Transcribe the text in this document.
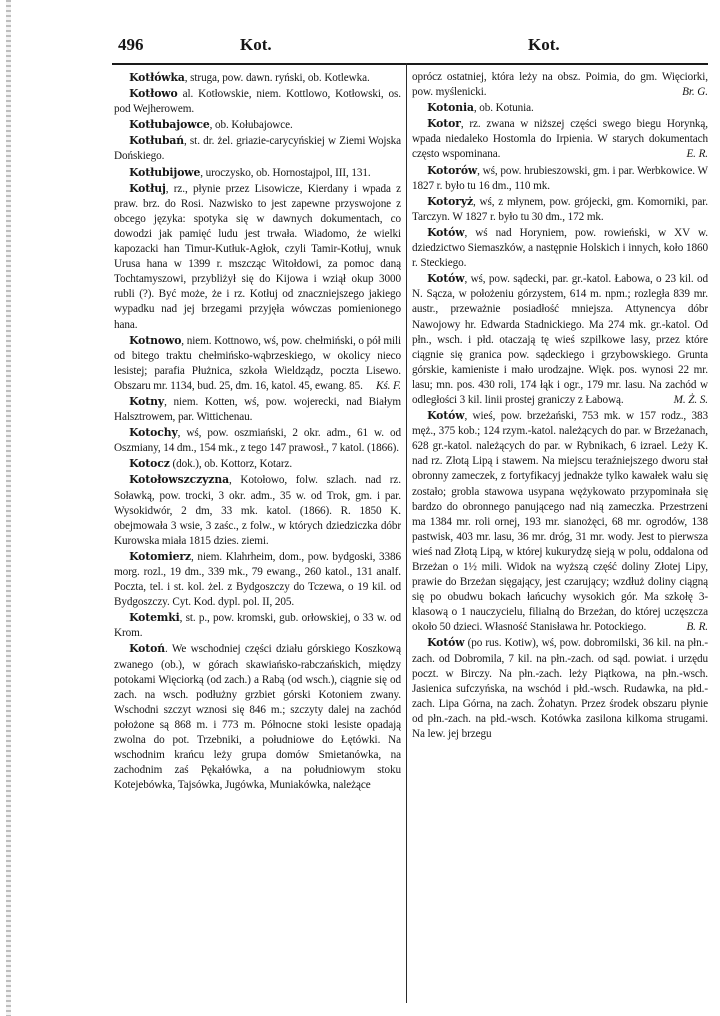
496	Kot.	Kot.

Kotłówka, struga, pow. dawn. ryński, ob. Kotlewka.

Kotłowo al. Kotłowskie, niem. Kottlowo, Kotłowski, os. pod Wejherowem.

Kotłubajowce, ob. Kołubajowce.

Kotłubań, st. dr. żel. griazie-carycyńskiej w Ziemi Wojska Dońskiego.

Kotłubijowe, uroczysko, ob. Hornostajpol, III, 131.

Kotłuj, rz., płynie przez Lisowicze, Kierdany i wpada z praw. brz. do Rosi. Nazwisko to jest zapewne przyswojone z obcego języka: spotyka się w dawnych dokumentach, co dowodzi jak pamięć ludu jest trwała. Wiadomo, że wielki kapozacki han Timur-Kutłuk-Agłok, czyli Tamir-Kotłuj, wnuk Urusa hana w 1399 r. mszcząc Witołdowi, za pomoc daną Tochtamyszowi, przybliżył się do Kijowa i wziął okup 3000 rubli (?). Być może, że i rz. Kotłuj od znaczniejszego jakiego wypadku nad jej brzegami przyjęła wówczas pomienionego hana.

Kotnowo, niem. Kottnowo, wś, pow. chełmiński, o pół mili od bitego traktu chełmińsko-wąbrzeskiego, w okolicy nieco lesistej; parafia Płużnica, szkoła Wieldządz, poczta Lisewo. Obszaru mr. 1134, bud. 25, dm. 16, katol. 45, ewang. 85.	Kś. F.

Kotny, niem. Kotten, wś, pow. wojerecki, nad Białym Halsztrowem, par. Wittichenau.

Kotochy, wś, pow. oszmiański, 2 okr. adm., 61 w. od Oszmiany, 14 dm., 154 mk., z tego 147 prawosł., 7 katol. (1866).

Kotocz (dok.), ob. Kottorz, Kotarz.

Kotołowszczyzna, Kotołowo, folw. szlach. nad rz. Soławką, pow. trocki, 3 okr. adm., 35 w. od Trok, gm. i par. Wysokidwór, 2 dm, 33 mk. katol. (1866). R. 1850 K. obejmowała 3 wsie, 3 zaśc., z folw., w których dziedziczka dóbr Kurowska miała 1815 dzies. ziemi.

Kotomierz, niem. Klahrheim, dom., pow. bydgoski, 3386 morg. rozl., 19 dm., 339 mk., 79 ewang., 260 katol., 131 analf. Poczta, tel. i st. kol. żel. z Bydgoszczy do Tczewa, o 19 kil. od Bydgoszczy. Cyt. Kod. dypl. pol. II, 205.

Kotemki, st. p., pow. kromski, gub. orłowskiej, o 33 w. od Krom.

Kotoń. We wschodniej części działu górskiego Koszkową zwanego (ob.), w górach skawiańsko-rabczańskich, między potokami Więciorką (od zach.) a Rabą (od wsch.), ciągnie się od zach. na wsch. podłużny grzbiet górski Kotoniem zwany. Wschodni szczyt wznosi się 846 m.; szczyty dalej na zachód położone są 868 m. i 773 m. Północne stoki lesiste opadają zwolna do pot. Trzebniki, a południowe do Łętówki. Na wschodnim krańcu leży grupa domów Smietanówka, na zachodnim zaś Pękałówka, a na południowym stoku Kotejebówka, Tajsówka, Jugówka, Muniakówka, należące

oprócz ostatniej, która leży na obsz. Poimia, do gm. Więciorki, pow. myślenicki.	Br. G.

Kotonia, ob. Kotunia.

Kotor, rz. zwana w niższej części swego biegu Horynką, wpada niedaleko Hostomla do Irpienia. W starych dokumentach często wspominana.	E. R.

Kotorów, wś, pow. hrubieszowski, gm. i par. Werbkowice. W 1827 r. było tu 16 dm., 110 mk.

Kotoryż, wś, z młynem, pow. grójecki, gm. Komorniki, par. Tarczyn. W 1827 r. było tu 30 dm., 172 mk.

Kotów, wś nad Horyniem, pow. rowieński, w XV w. dziedzictwo Siemaszków, a następnie Holskich i innych, koło 1860 r. Steckiego.

Kotów, wś, pow. sądecki, par. gr.-katol. Łabowa, o 23 kil. od N. Sącza, w położeniu górzystem, 614 m. npm.; rozległa 839 mr. austr., przeważnie posiadłość mniejsza. Attynencya dóbr Nawojowy hr. Edwarda Stadnickiego. Ma 274 mk. gr.-katol. Od płn., wsch. i płd. otaczają tę wieś szpilkowe lasy, przez które ciągnie się granica pow. sądeckiego i grzybowskiego. Grunta górskie, kamieniste i mało urodzajne. Więk. pos. wynosi 22 mr. lasu; mn. pos. 430 roli, 174 łąk i ogr., 179 mr. lasu. Na zachód w odległości 3 kil. linii prostej graniczy z Łabową.	M. Ż. S.

Kotów, wieś, pow. brzeżański, 753 mk. w 157 rodz., 383 męż., 375 kob.; 124 rzym.-katol. należących do par. w Brzeżanach, 628 gr.-katol. należących do par. w Rybnikach, 6 izrael. Leży K. nad rz. Złotą Lipą i stawem. Na miejscu teraźniejszego dworu stał obronny zameczek, z fortyfikacyj jednakże tylko kawałek wału się zostało; grobla stawowa usypana wężykowato przypominała się bardzo do obronnego panującego nad nią zameczka. Przestrzeni ma 1384 mr. roli ornej, 193 mr. sianożęci, 68 mr. ogrodów, 138 pastwisk, 403 mr. lasu, 36 mr. dróg, 31 mr. wody. Jest to pierwsza wieś nad Złotą Lipą, w której kukurydzę sieją w polu, oddalona od Brzeżan o 1½ mili. Widok na wyższą część doliny Złotej Lipy, prawie do Brzeżan sięgający, jest czarujący; wzdłuż doliny ciągną się po obudwu bokach łańcuchy wysokich gór. Ma szkołę 3-klasową o 1 nauczycielu, filialną do Brzeżan, do której uczęszcza około 50 dzieci. Własność Stanisława hr. Potockiego.	B. R.

Kotów (po rus. Kotiw), wś, pow. dobromilski, 36 kil. na płn.-zach. od Dobromila, 7 kil. na płn.-zach. od sąd. powiat. i urzędu poczt. w Birczy. Na płn.-zach. leży Piątkowa, na płn.-wsch. Jasienica sufczyńska, na wschód i płd.-wsch. Rudawka, na płd.-zach. Lipa Górna, na zach. Żohatyn. Przez środek obszaru płynie od płn.-zach. na płd.-wsch. Kotówka zasilona kilkoma strugami. Na lew. jej brzegu
